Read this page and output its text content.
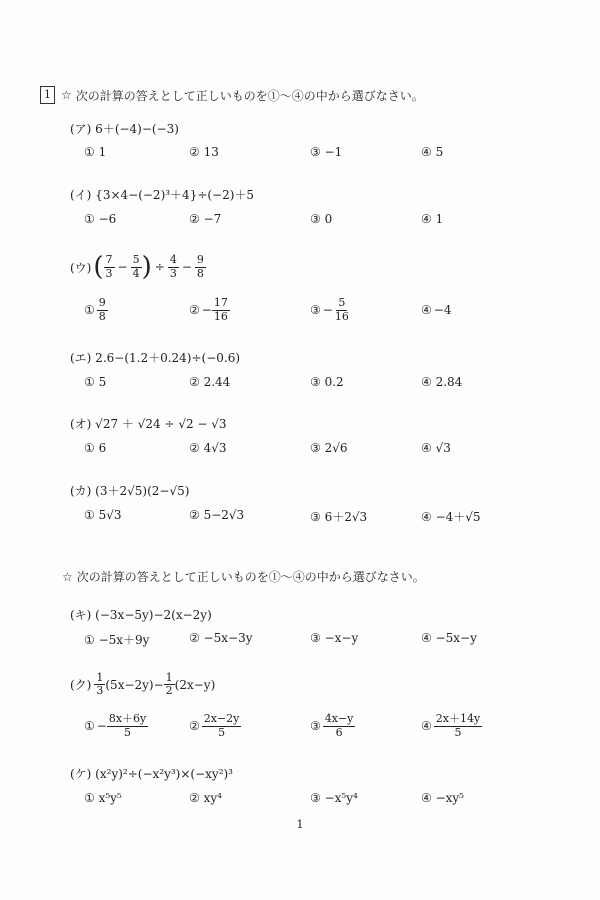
1 ☆ 次の計算の答えとして正しいものを①～④の中から選びなさい。
(ア) 6＋(−4)−(−3)
① 1	② 13	③ −1	④ 5
(イ) {3×4−(−2)³＋4}÷(−2)＋5
① −6	② −7	③ 0	④ 1
(ウ) ( $\frac{7}{3} - \frac{5}{4}$ ) ÷ $\frac{4}{3} - \frac{9}{8}$
① $\frac{9}{8}$	② − $\frac{17}{16}$	③ − $\frac{5}{16}$	④ −4
(エ) 2.6−(1.2＋0.24)÷(−0.6)
① 5	② 2.44	③ 0.2	④ 2.84
(オ) √27 ＋ √24 ÷ √2 − √3
① 6	② 4√3	③ 2√6	④ √3
(カ) (3＋2√5)(2−√5)
① 5√3	② 5−2√3	③ 6＋2√3	④ −4＋√5
☆ 次の計算の答えとして正しいものを①～④の中から選びなさい。
(キ) (−3x−5y)−2(x−2y)
① −5x＋9y	② −5x−3y	③ −x−y	④ −5x−y
(ク) $\frac{1}{3} (5x-2y)- \frac{1}{2} (2x-y)$
① − $\frac{8x+6y}{5}$	② $\frac{2x-2y}{5}$	③ $\frac{4x-y}{6}$	④ $\frac{2x+14y}{5}$
(ケ) (x²y)²÷(−x²y³)×(−xy²)³
① x⁵y⁵	② xy⁴	③ −x⁵y⁴	④ −xy⁵
1
